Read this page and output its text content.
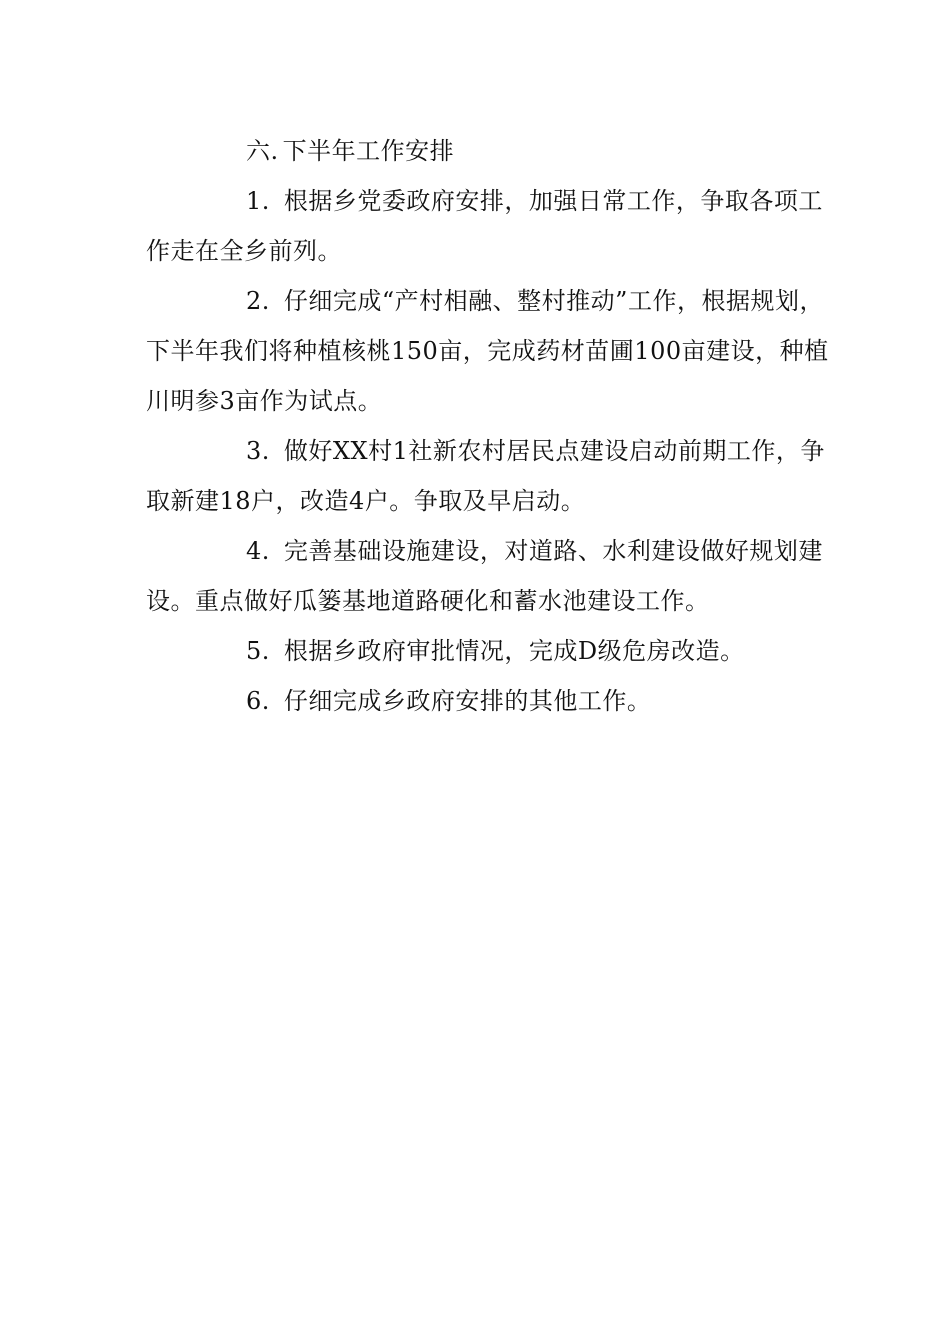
六. 下半年工作安排

1. 根据乡党委政府安排，加强日常工作，争取各项工作走在全乡前列。

2. 仔细完成“产村相融、整村推动”工作，根据规划，下半年我们将种植核桃150亩，完成药材苗圃100亩建设，种植川明参3亩作为试点。

3. 做好XX村1社新农村居民点建设启动前期工作，争取新建18户，改造4户。争取及早启动。

4. 完善基础设施建设，对道路、水利建设做好规划建设。重点做好瓜篓基地道路硬化和蓄水池建设工作。

5. 根据乡政府审批情况，完成D级危房改造。

6. 仔细完成乡政府安排的其他工作。
